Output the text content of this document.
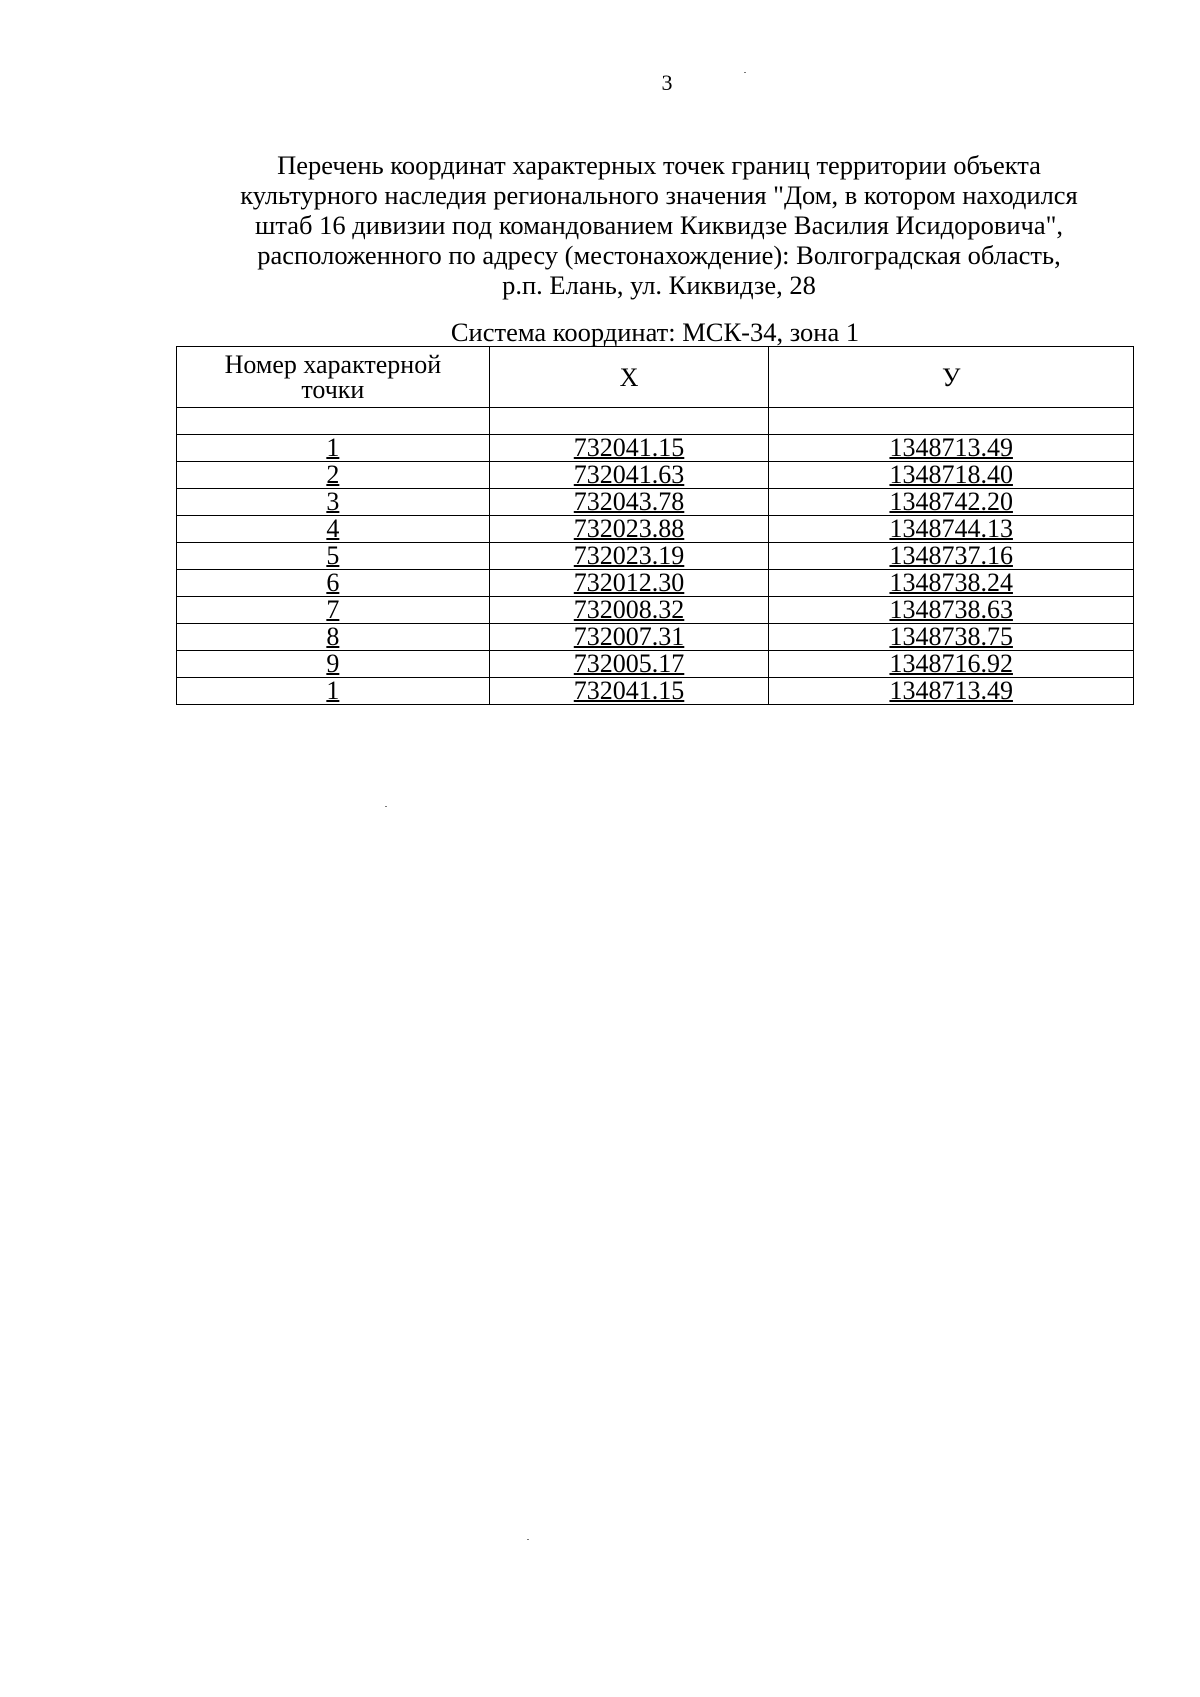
3
Перечень координат характерных точек границ территории объекта
культурного наследия регионального значения "Дом, в котором находился
штаб 16 дивизии под командованием Киквидзе Василия Исидоровича",
расположенного по адресу (местонахождение): Волгоградская область,
р.п. Елань, ул. Киквидзе, 28
Система координат: МСК-34, зона 1
Номер характерной
точки	Х	У

1	732041.15	1348713.49
2	732041.63	1348718.40
3	732043.78	1348742.20
4	732023.88	1348744.13
5	732023.19	1348737.16
6	732012.30	1348738.24
7	732008.32	1348738.63
8	732007.31	1348738.75
9	732005.17	1348716.92
1	732041.15	1348713.49
